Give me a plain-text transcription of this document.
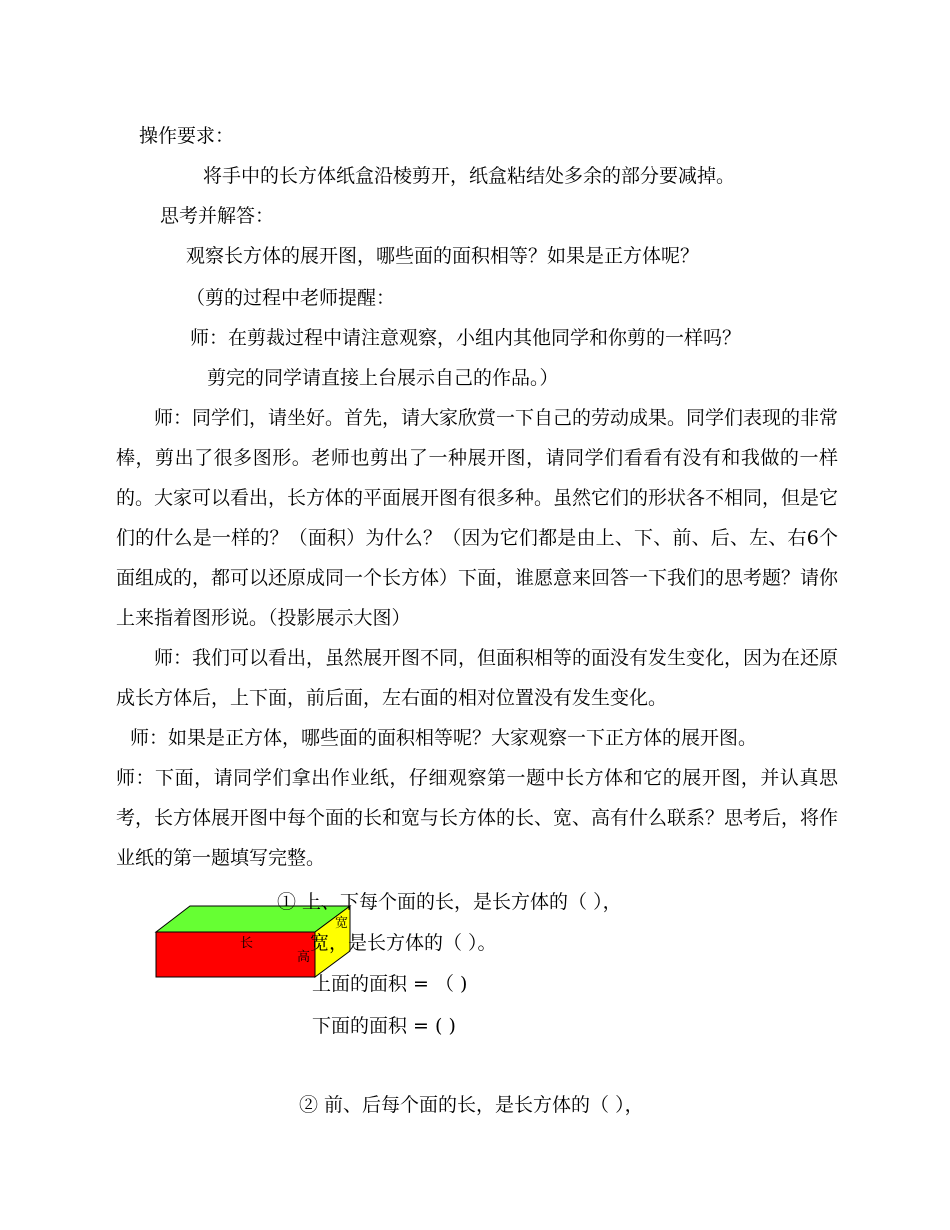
操作要求：
将手中的长方体纸盒沿棱剪开，纸盒粘结处多余的部分要减掉。
思考并解答：
观察长方体的展开图，哪些面的面积相等？如果是正方体呢？
（剪的过程中老师提醒：
师：在剪裁过程中请注意观察，小组内其他同学和你剪的一样吗？
剪完的同学请直接上台展示自己的作品。）
师：同学们，请坐好。首先，请大家欣赏一下自己的劳动成果。同学们表现的非常棒，剪出了很多图形。老师也剪出了一种展开图，请同学们看看有没有和我做的一样的。大家可以看出，长方体的平面展开图有很多种。虽然它们的形状各不相同，但是它们的什么是一样的？（面积）为什么？（因为它们都是由上、下、前、后、左、右6个面组成的，都可以还原成同一个长方体）下面，谁愿意来回答一下我们的思考题？请你上来指着图形说。（投影展示大图）
师：我们可以看出，虽然展开图不同，但面积相等的面没有发生变化，因为在还原成长方体后，上下面，前后面，左右面的相对位置没有发生变化。
师：如果是正方体，哪些面的面积相等呢？大家观察一下正方体的展开图。
师：下面，请同学们拿出作业纸，仔细观察第一题中长方体和它的展开图，并认真思考，长方体展开图中每个面的长和宽与长方体的长、宽、高有什么联系？思考后，将作业纸的第一题填写完整。
长
高
宽
① 上、下每个面的长，是长方体的（ ），
宽，是长方体的（ ）。
上面的面积 = （ )
下面的面积 = ( )
② 前、后每个面的长，是长方体的（ ），
